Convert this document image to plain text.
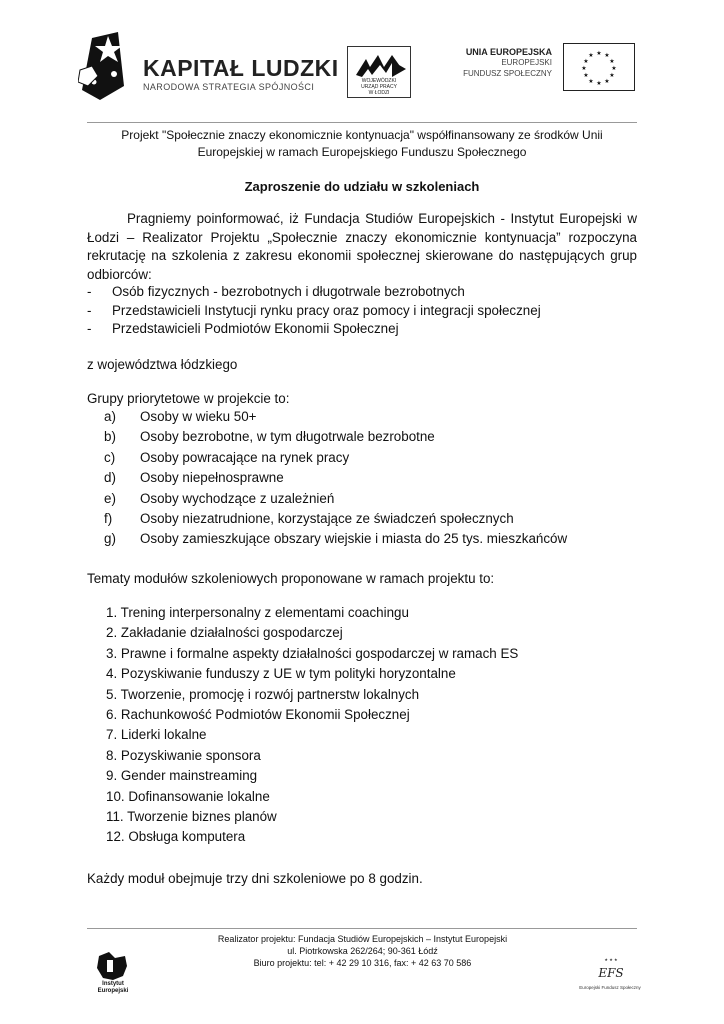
KAPITAŁ LUDZKI
NARODOWA STRATEGIA SPÓJNOŚCI
WOJEWÓDZKI
URZĄD PRACY
W ŁODZI
UNIA EUROPEJSKA
EUROPEJSKI
FUNDUSZ SPOŁECZNY
★ ★
★
★
★
★
★
★
★
★
★
★
Projekt "Społecznie znaczy ekonomicznie kontynuacja" współfinansowany ze środków Unii
Europejskiej w ramach Europejskiego Funduszu Społecznego
Zaproszenie do udziału w szkoleniach
Pragniemy poinformować, iż Fundacja Studiów Europejskich - Instytut Europejski w Łodzi – Realizator Projektu „Społecznie znaczy ekonomicznie kontynuacja” rozpoczyna rekrutację na szkolenia z zakresu ekonomii społecznej skierowane do następujących grup odbiorców:
-	Osób fizycznych - bezrobotnych i długotrwale bezrobotnych
-	Przedstawicieli Instytucji rynku pracy oraz pomocy i integracji społecznej
-	Przedstawicieli Podmiotów Ekonomii Społecznej
z województwa łódzkiego
Grupy priorytetowe w projekcie to:
a)	Osoby w wieku 50+
b)	Osoby bezrobotne, w tym długotrwale bezrobotne
c)	Osoby powracające na rynek pracy
d)	Osoby niepełnosprawne
e)	Osoby wychodzące z uzależnień
f)	Osoby niezatrudnione, korzystające ze świadczeń społecznych
g)	Osoby zamieszkujące obszary wiejskie i miasta do 25 tys. mieszkańców
Tematy modułów szkoleniowych proponowane w ramach projektu to:
1. Trening interpersonalny z elementami coachingu
2. Zakładanie działalności gospodarczej
3. Prawne i formalne aspekty działalności gospodarczej w ramach ES
4. Pozyskiwanie funduszy z UE w tym polityki horyzontalne
5. Tworzenie, promocję i rozwój partnerstw lokalnych
6. Rachunkowość Podmiotów Ekonomii Społecznej
7. Liderki lokalne
8. Pozyskiwanie sponsora
9. Gender mainstreaming
10. Dofinansowanie lokalne
11. Tworzenie biznes planów
12. Obsługa komputera
Każdy moduł obejmuje trzy dni szkoleniowe po 8 godzin.
Realizator projektu: Fundacja Studiów Europejskich – Instytut Europejski
ul. Piotrkowska 262/264; 90-361 Łódź
Biuro projektu: tel: + 42 29 10 316, fax: + 42 63 70 586
Instytut
Europejski
★ ★ ★
EFS
Europejski Fundusz Społeczny
